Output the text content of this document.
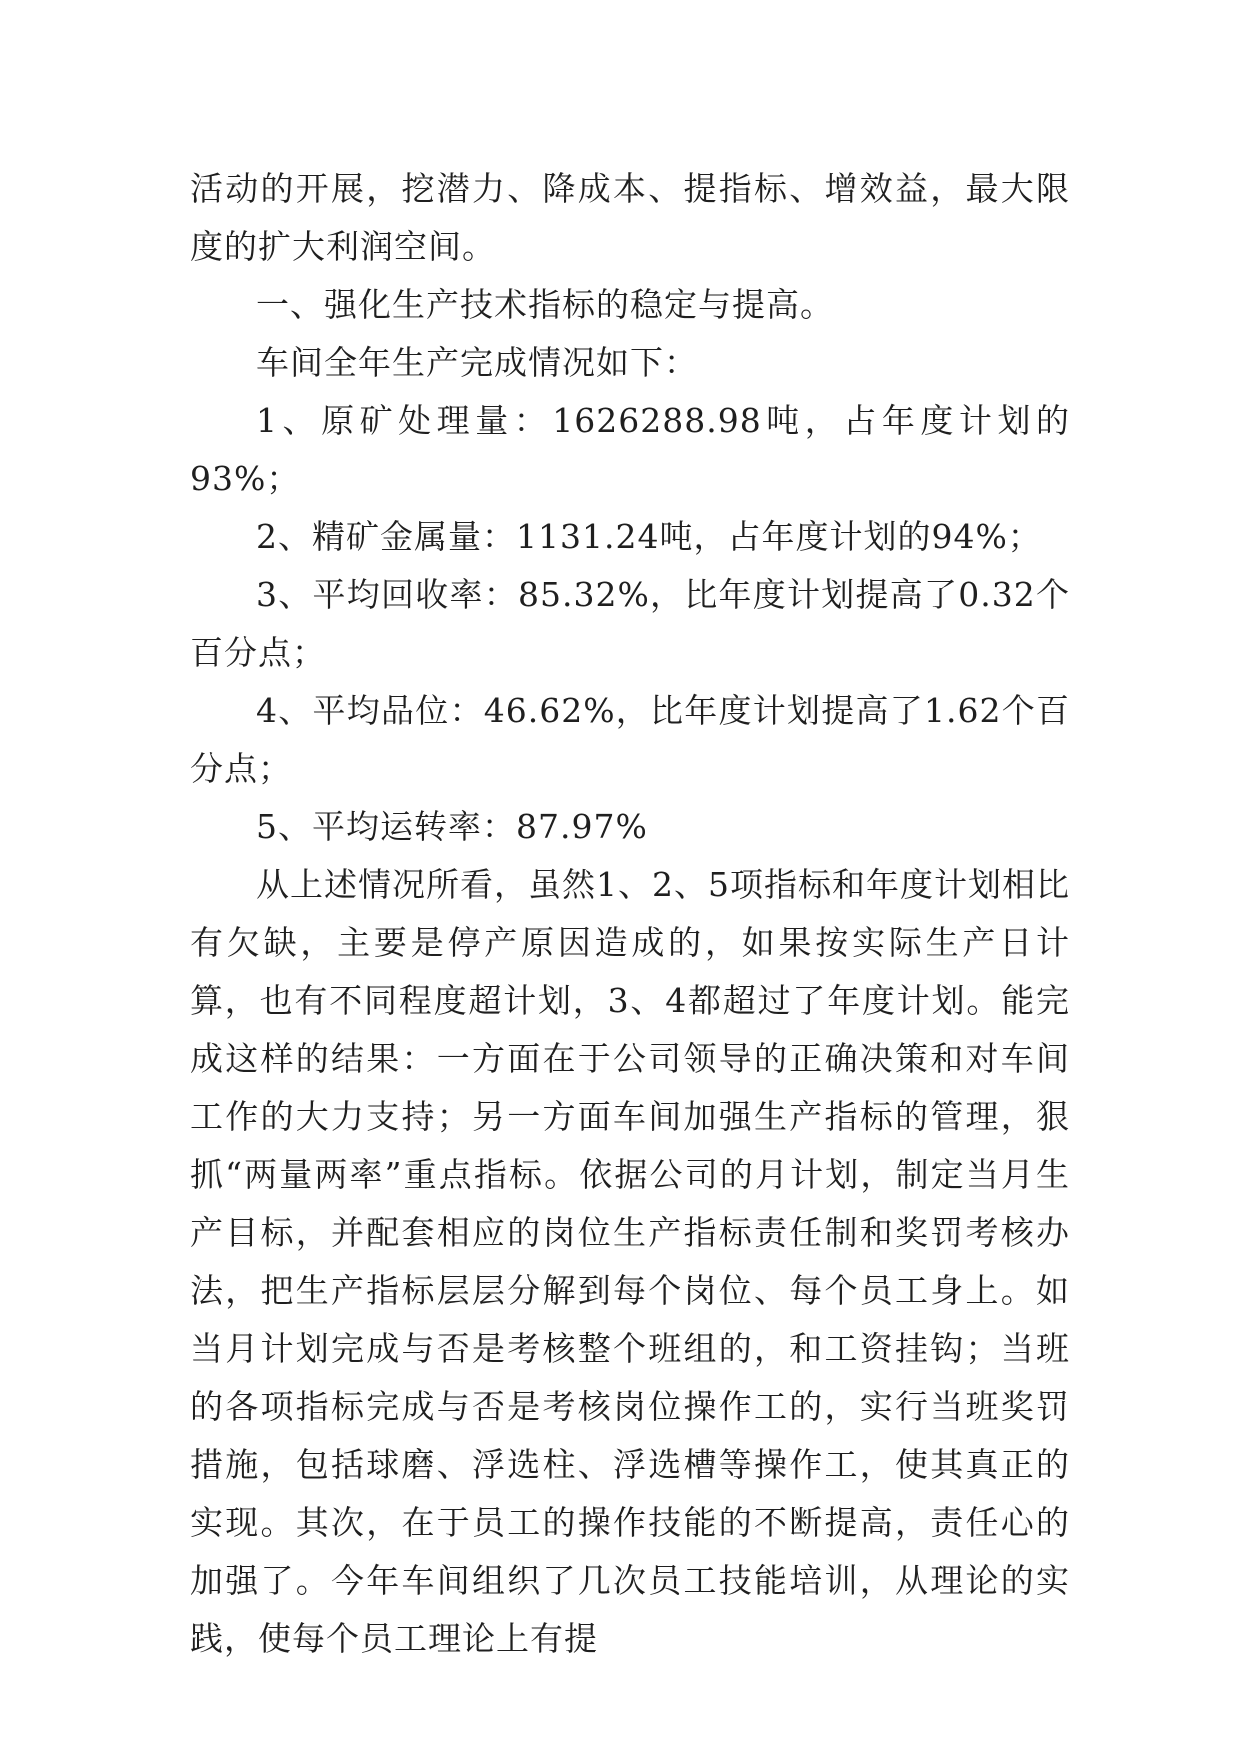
活动的开展，挖潜力、降成本、提指标、增效益，最大限度的扩大利润空间。

一、强化生产技术指标的稳定与提高。

车间全年生产完成情况如下：

1、原矿处理量：1626288.98吨，占年度计划的93%；

2、精矿金属量：1131.24吨，占年度计划的94%；

3、平均回收率：85.32%，比年度计划提高了0.32个百分点；

4、平均品位：46.62%，比年度计划提高了1.62个百分点；

5、平均运转率：87.97%

从上述情况所看，虽然1、2、5项指标和年度计划相比有欠缺，主要是停产原因造成的，如果按实际生产日计算，也有不同程度超计划，3、4都超过了年度计划。能完成这样的结果：一方面在于公司领导的正确决策和对车间工作的大力支持；另一方面车间加强生产指标的管理，狠抓“两量两率”重点指标。依据公司的月计划，制定当月生产目标，并配套相应的岗位生产指标责任制和奖罚考核办法，把生产指标层层分解到每个岗位、每个员工身上。如当月计划完成与否是考核整个班组的，和工资挂钩；当班的各项指标完成与否是考核岗位操作工的，实行当班奖罚措施，包括球磨、浮选柱、浮选槽等操作工，使其真正的实现。其次，在于员工的操作技能的不断提高，责任心的加强了。今年车间组织了几次员工技能培训，从理论的实践，使每个员工理论上有提
